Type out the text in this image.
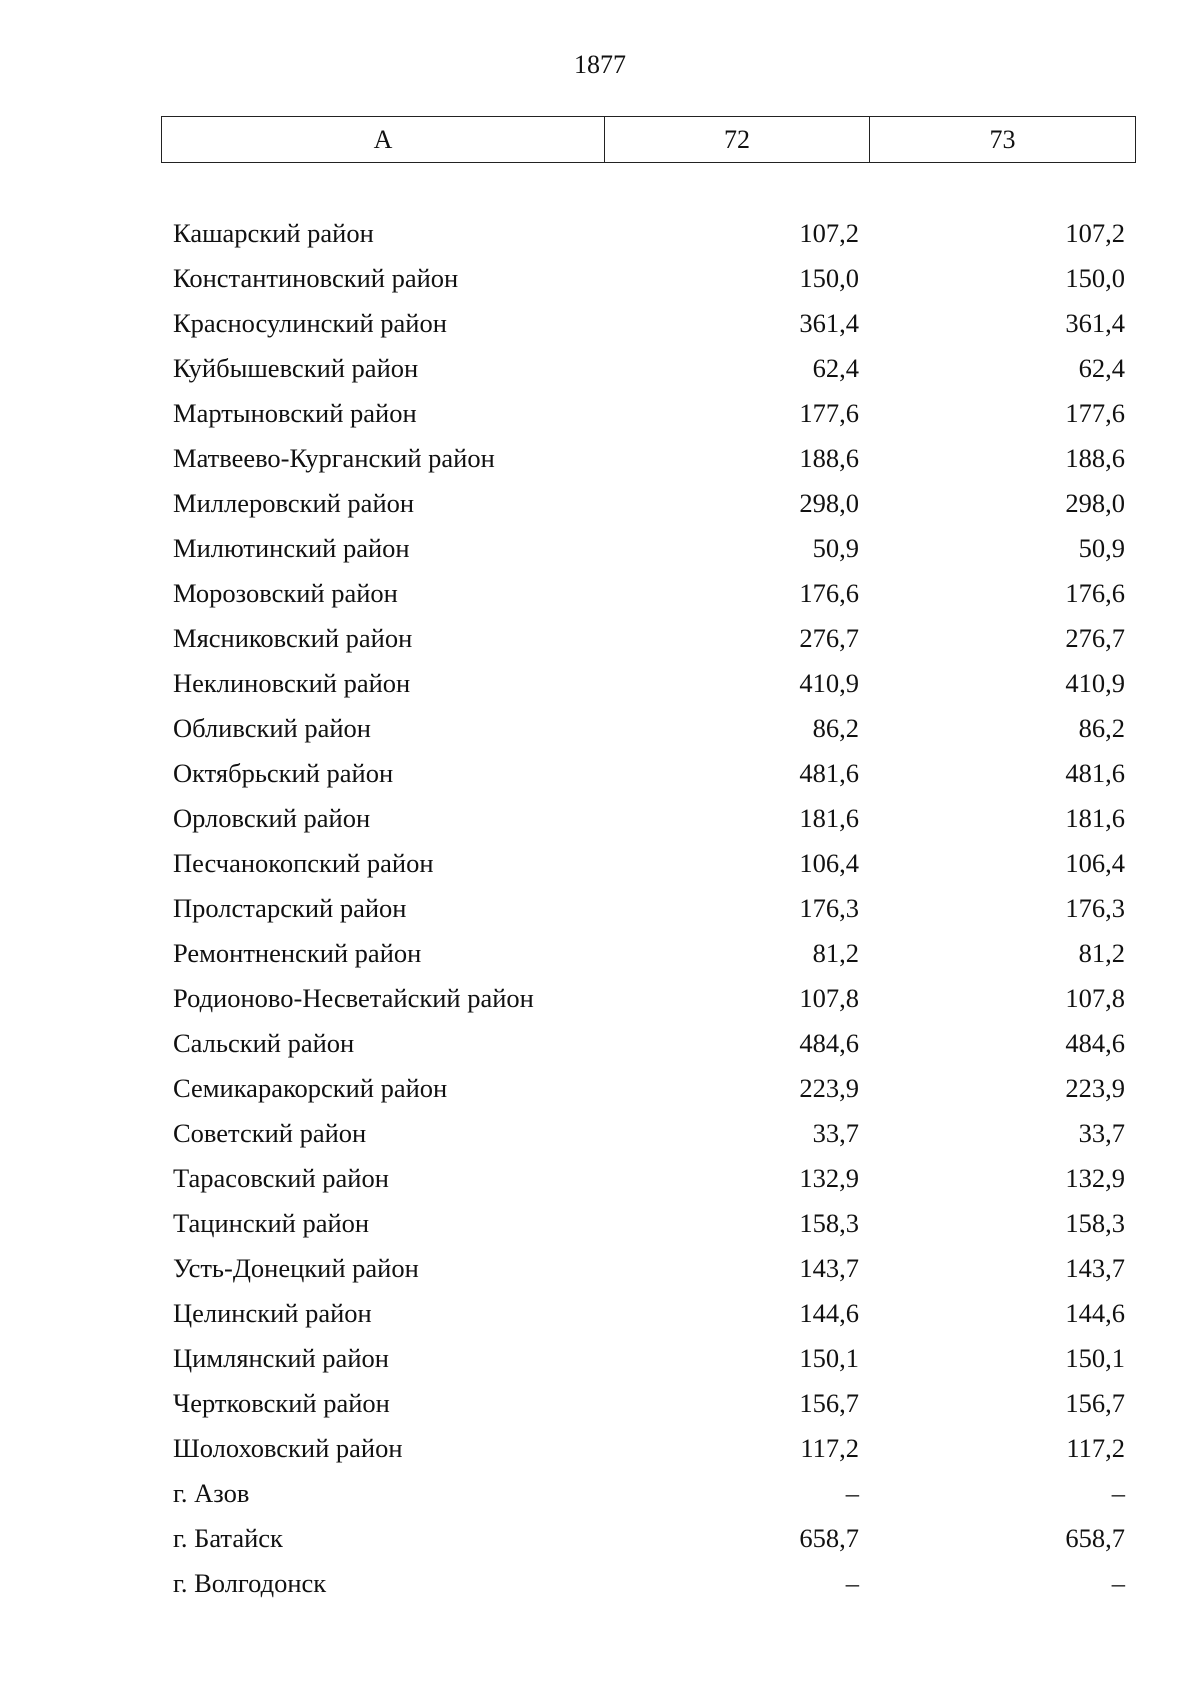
1877
А	72	73
Кашарский район	107,2	107,2
Константиновский район	150,0	150,0
Красносулинский район	361,4	361,4
Куйбышевский район	62,4	62,4
Мартыновский район	177,6	177,6
Матвеево-Курганский район	188,6	188,6
Миллеровский район	298,0	298,0
Милютинский район	50,9	50,9
Морозовский район	176,6	176,6
Мясниковский район	276,7	276,7
Неклиновский район	410,9	410,9
Обливский район	86,2	86,2
Октябрьский район	481,6	481,6
Орловский район	181,6	181,6
Песчанокопский район	106,4	106,4
Пролстарский район	176,3	176,3
Ремонтненский район	81,2	81,2
Родионово-Несветайский район	107,8	107,8
Сальский район	484,6	484,6
Семикаракорский район	223,9	223,9
Советский район	33,7	33,7
Тарасовский район	132,9	132,9
Тацинский район	158,3	158,3
Усть-Донецкий район	143,7	143,7
Целинский район	144,6	144,6
Цимлянский район	150,1	150,1
Чертковский район	156,7	156,7
Шолоховский район	117,2	117,2
г. Азов	–	–
г. Батайск	658,7	658,7
г. Волгодонск	–	–
